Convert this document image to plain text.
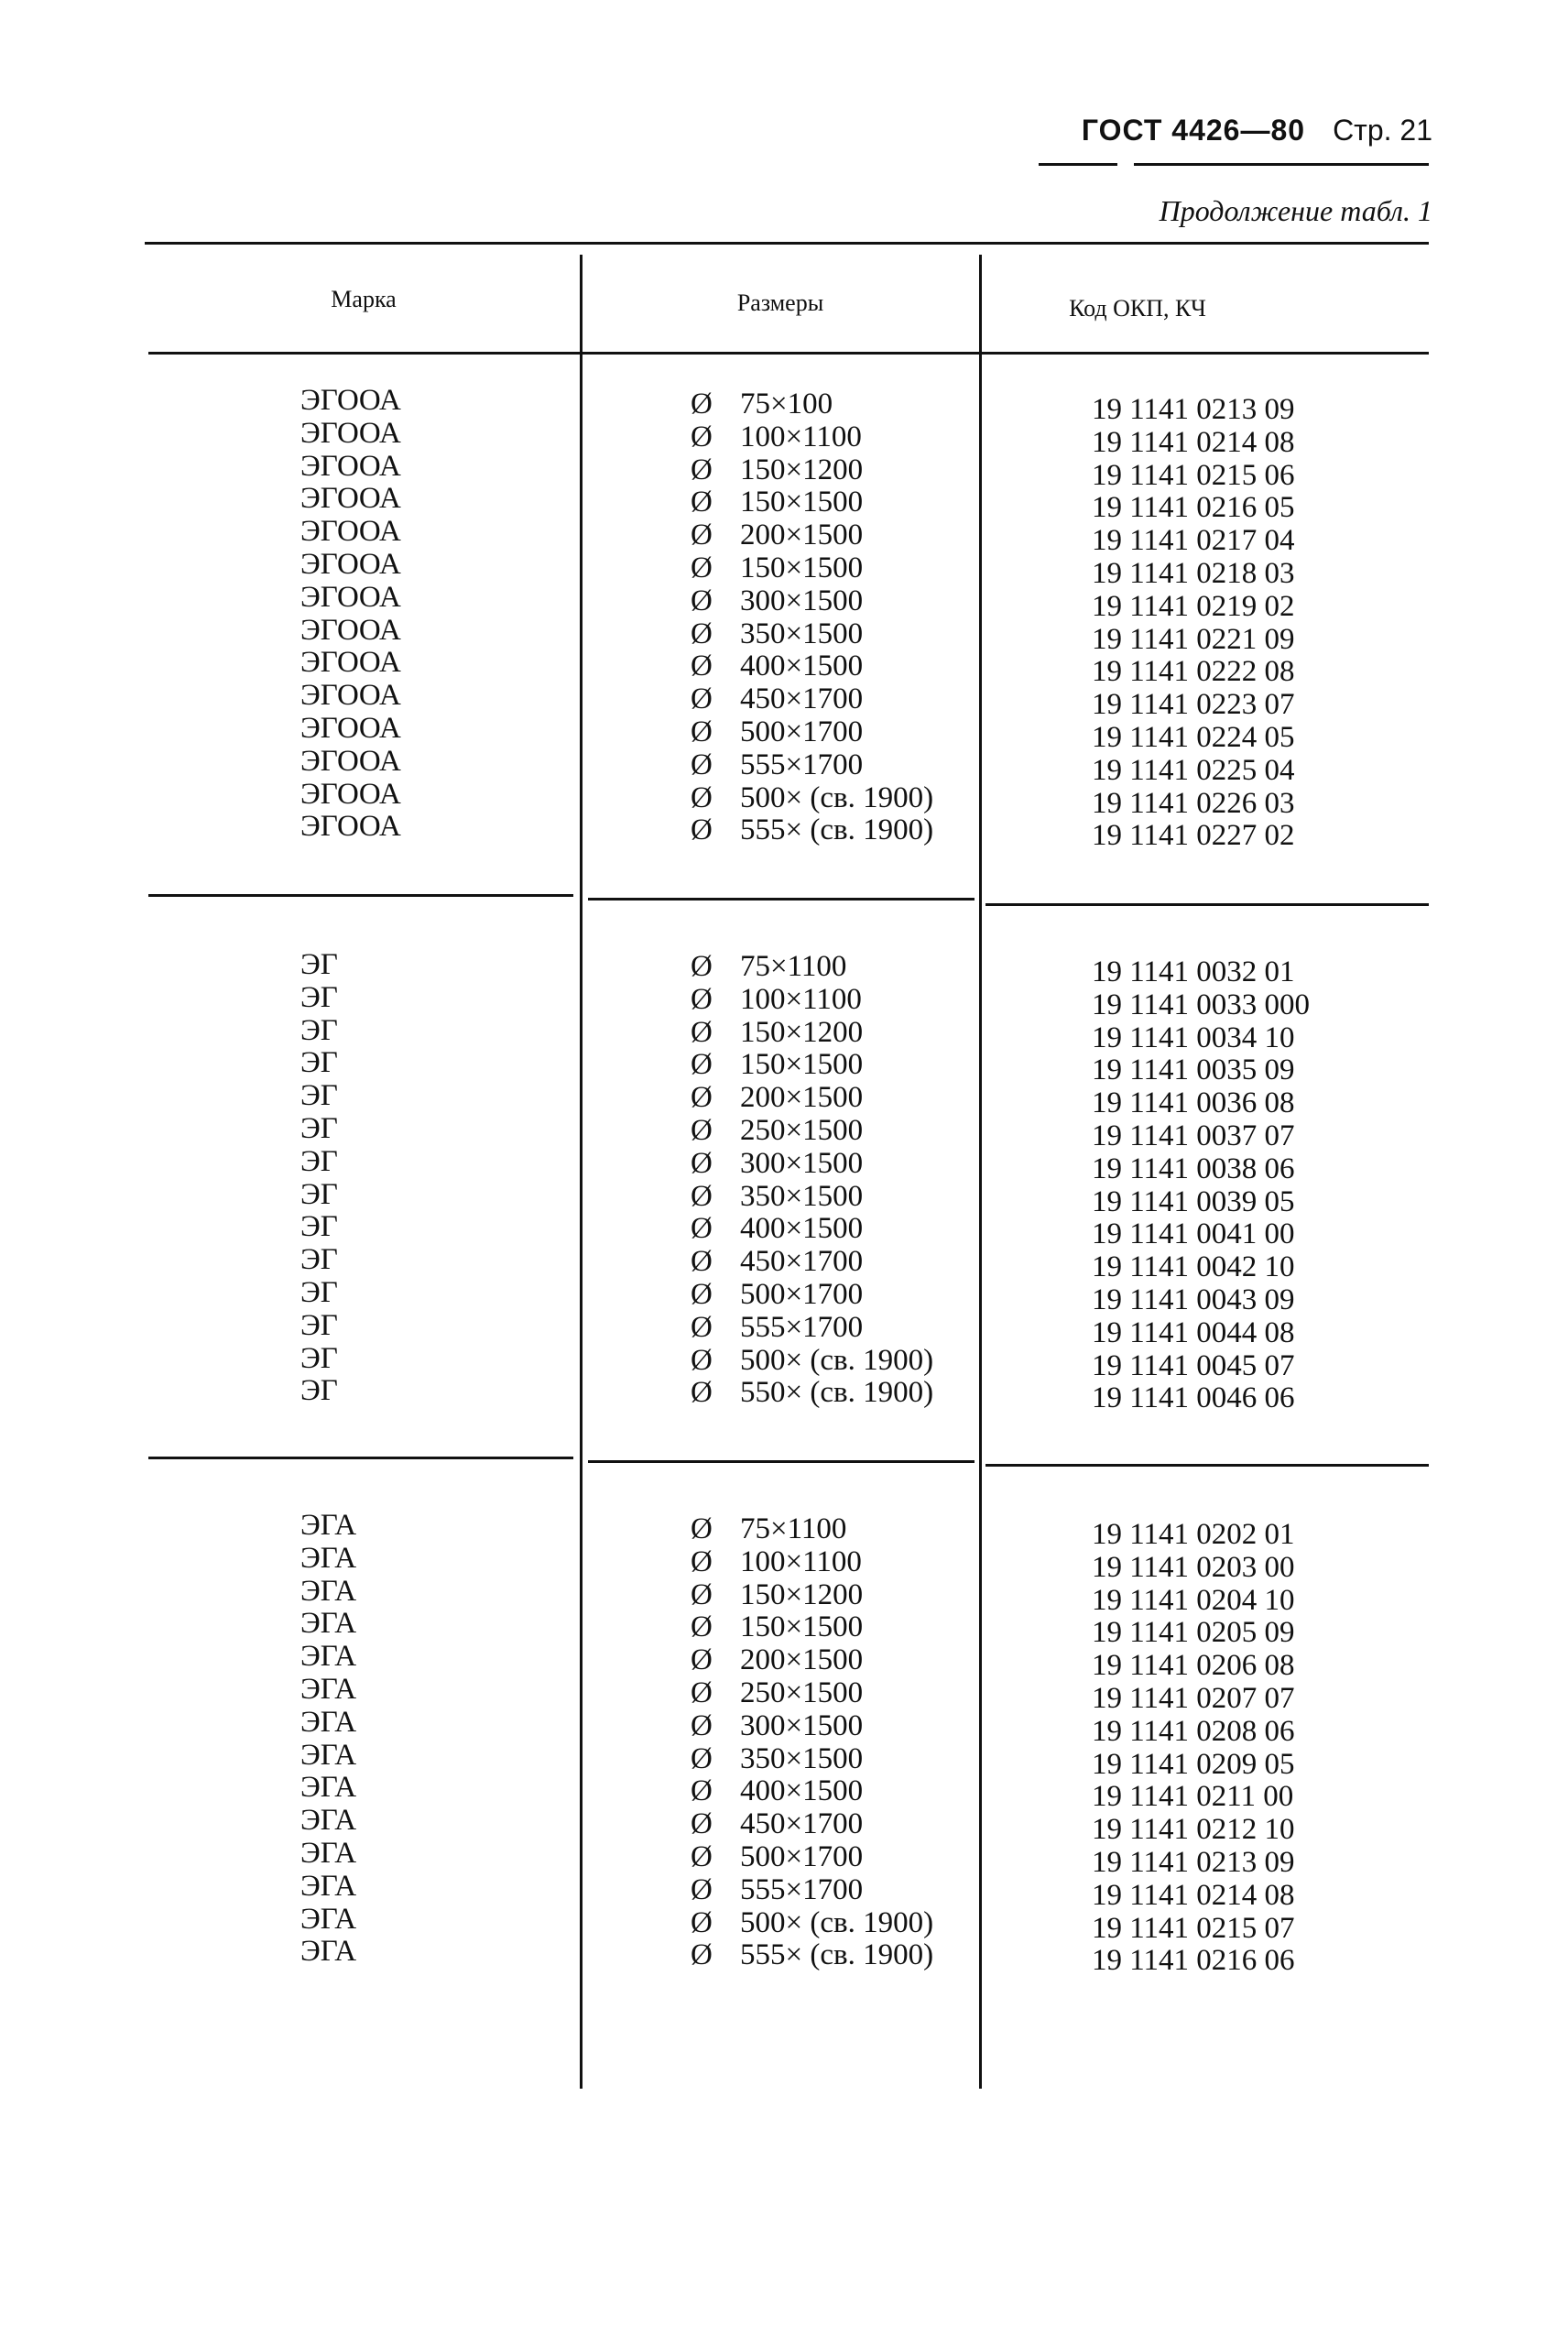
ГОСТ 4426—80 Стр. 21
Продолжение табл. 1
Марка	Размеры	Код ОКП, КЧ
ЭГООА
ЭГООА
ЭГООА
ЭГООА
ЭГООА
ЭГООА
ЭГООА
ЭГООА
ЭГООА
ЭГООА
ЭГООА
ЭГООА
ЭГООА
ЭГООА
Ø 75×100
Ø 100×1100
Ø 150×1200
Ø 150×1500
Ø 200×1500
Ø 150×1500
Ø 300×1500
Ø 350×1500
Ø 400×1500
Ø 450×1700
Ø 500×1700
Ø 555×1700
Ø 500× (св. 1900)
Ø 555× (св. 1900)
19 1141 0213 09
19 1141 0214 08
19 1141 0215 06
19 1141 0216 05
19 1141 0217 04
19 1141 0218 03
19 1141 0219 02
19 1141 0221 09
19 1141 0222 08
19 1141 0223 07
19 1141 0224 05
19 1141 0225 04
19 1141 0226 03
19 1141 0227 02
ЭГ
ЭГ
ЭГ
ЭГ
ЭГ
ЭГ
ЭГ
ЭГ
ЭГ
ЭГ
ЭГ
ЭГ
ЭГ
ЭГ
Ø 75×1100
Ø 100×1100
Ø 150×1200
Ø 150×1500
Ø 200×1500
Ø 250×1500
Ø 300×1500
Ø 350×1500
Ø 400×1500
Ø 450×1700
Ø 500×1700
Ø 555×1700
Ø 500× (св. 1900)
Ø 550× (св. 1900)
19 1141 0032 01
19 1141 0033 000
19 1141 0034 10
19 1141 0035 09
19 1141 0036 08
19 1141 0037 07
19 1141 0038 06
19 1141 0039 05
19 1141 0041 00
19 1141 0042 10
19 1141 0043 09
19 1141 0044 08
19 1141 0045 07
19 1141 0046 06
ЭГА
ЭГА
ЭГА
ЭГА
ЭГА
ЭГА
ЭГА
ЭГА
ЭГА
ЭГА
ЭГА
ЭГА
ЭГА
ЭГА
Ø 75×1100
Ø 100×1100
Ø 150×1200
Ø 150×1500
Ø 200×1500
Ø 250×1500
Ø 300×1500
Ø 350×1500
Ø 400×1500
Ø 450×1700
Ø 500×1700
Ø 555×1700
Ø 500× (св. 1900)
Ø 555× (св. 1900)
19 1141 0202 01
19 1141 0203 00
19 1141 0204 10
19 1141 0205 09
19 1141 0206 08
19 1141 0207 07
19 1141 0208 06
19 1141 0209 05
19 1141 0211 00
19 1141 0212 10
19 1141 0213 09
19 1141 0214 08
19 1141 0215 07
19 1141 0216 06
